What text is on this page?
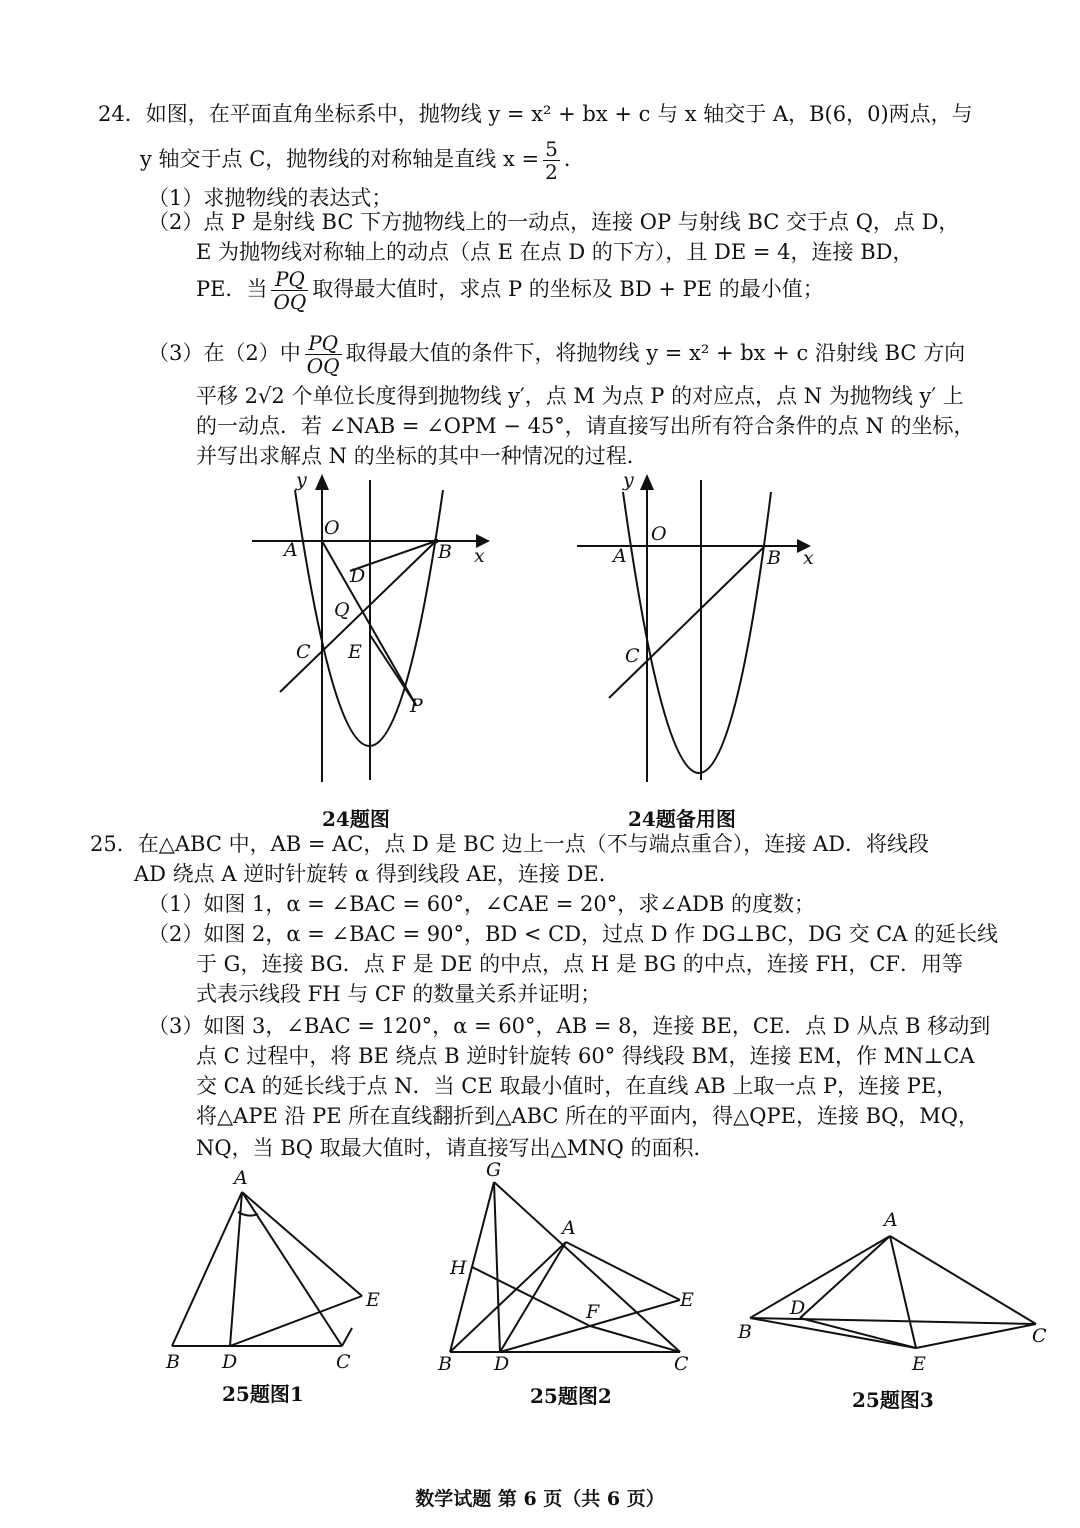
24．如图，在平面直角坐标系中，抛物线 y = x² + bx + c 与 x 轴交于 A，B(6，0)两点，与
y 轴交于点 C，抛物线的对称轴是直线 $x = \frac{5}{2}$ ．
（1）求抛物线的表达式；
（2）点 P 是射线 BC 下方抛物线上的一动点，连接 OP 与射线 BC 交于点 Q，点 D，
E 为抛物线对称轴上的动点（点 E 在点 D 的下方），且 DE = 4，连接 BD，
PE．当 $\frac{PQ}{OQ}$ 取得最大值时，求点 P 的坐标及 BD + PE 的最小值；
（3）在（2）中 $\frac{PQ}{OQ}$ 取得最大值的条件下，将抛物线 y = x² + bx + c 沿射线 BC 方向
平移 2√2 个单位长度得到抛物线 y′，点 M 为点 P 的对应点，点 N 为抛物线 y′ 上
的一动点．若 ∠NAB = ∠OPM − 45°，请直接写出所有符合条件的点 N 的坐标，
并写出求解点 N 的坐标的其中一种情况的过程．
y
x
O
A	B
D
Q
C E
P
y
x
O
A	B
C
24题图	24题备用图
25．在△ABC 中，AB = AC，点 D 是 BC 边上一点（不与端点重合），连接 AD．将线段
AD 绕点 A 逆时针旋转 α 得到线段 AE，连接 DE．
（1）如图 1，α = ∠BAC = 60°，∠CAE = 20°，求∠ADB 的度数；
（2）如图 2，α = ∠BAC = 90°，BD < CD，过点 D 作 DG⊥BC，DG 交 CA 的延长线
于 G，连接 BG．点 F 是 DE 的中点，点 H 是 BG 的中点，连接 FH，CF．用等
式表示线段 FH 与 CF 的数量关系并证明；
（3）如图 3，∠BAC = 120°，α = 60°，AB = 8，连接 BE，CE．点 D 从点 B 移动到
点 C 过程中，将 BE 绕点 B 逆时针旋转 60° 得线段 BM，连接 EM，作 MN⊥CA
交 CA 的延长线于点 N．当 CE 取最小值时，在直线 AB 上取一点 P，连接 PE，
将△APE 沿 PE 所在直线翻折到△ABC 所在的平面内，得△QPE，连接 BQ，MQ，
NQ，当 BQ 取最大值时，请直接写出△MNQ 的面积．
A
B D	C
E
G
A
H
E
F
B D	C
A
D
B	C
E
25题图1	25题图2	25题图3
数学试题 第 6 页（共 6 页）
